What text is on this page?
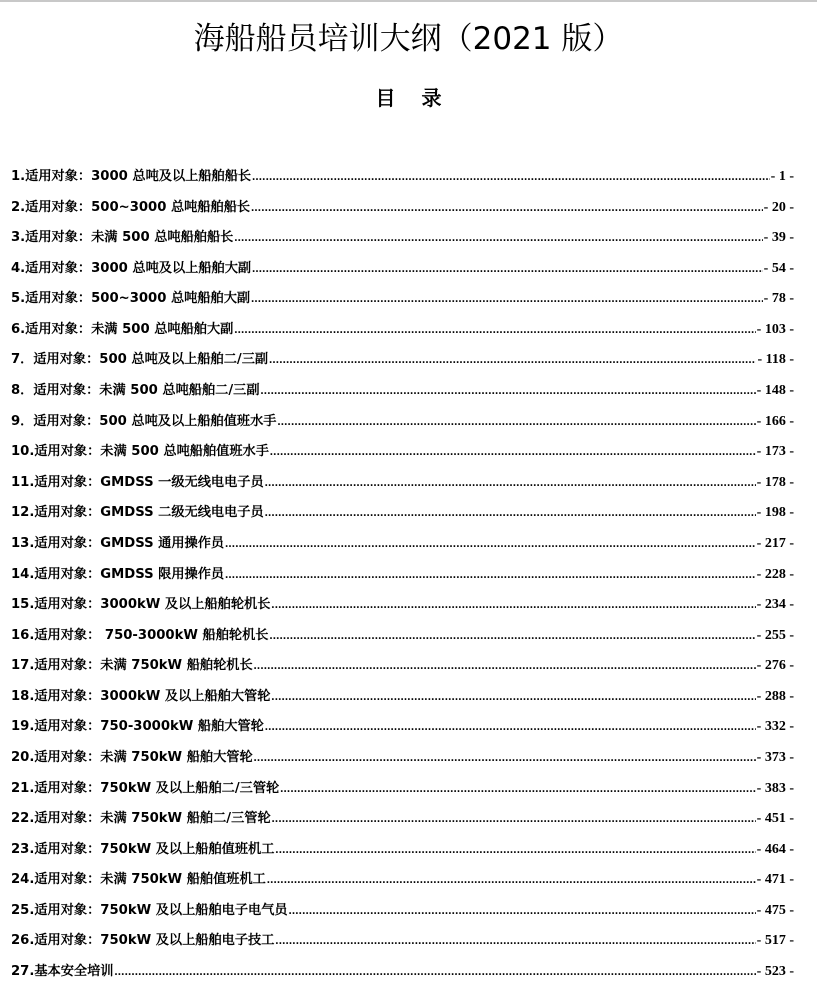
海船船员培训大纲（2021 版）
目 录
1.适用对象：3000 总吨及以上船舶船长 .....	- 1 -
2.适用对象：500~3000 总吨船舶船长 .....	- 20 -
3.适用对象：未满 500 总吨船舶船长 .....	- 39 -
4.适用对象：3000 总吨及以上船舶大副 .....	- 54 -
5.适用对象：500~3000 总吨船舶大副 .....	- 78 -
6.适用对象：未满 500 总吨船舶大副 .....	- 103 -
7．适用对象：500 总吨及以上船舶二/三副 .....	- 118 -
8．适用对象：未满 500 总吨船舶二/三副 .....	- 148 -
9．适用对象：500 总吨及以上船舶值班水手 .....	- 166 -
10.适用对象：未满 500 总吨船舶值班水手 .....	- 173 -
11.适用对象：GMDSS 一级无线电电子员 .....	- 178 -
12.适用对象：GMDSS 二级无线电电子员 .....	- 198 -
13.适用对象：GMDSS 通用操作员 .....	- 217 -
14.适用对象：GMDSS 限用操作员 .....	- 228 -
15.适用对象：3000kW 及以上船舶轮机长 .....	- 234 -
16.适用对象： 750-3000kW 船舶轮机长 .....	- 255 -
17.适用对象：未满 750kW 船舶轮机长 .....	- 276 -
18.适用对象：3000kW 及以上船舶大管轮 .....	- 288 -
19.适用对象：750-3000kW 船舶大管轮 .....	- 332 -
20.适用对象：未满 750kW 船舶大管轮 .....	- 373 -
21.适用对象：750kW 及以上船舶二/三管轮 .....	- 383 -
22.适用对象：未满 750kW 船舶二/三管轮 .....	- 451 -
23.适用对象：750kW 及以上船舶值班机工 .....	- 464 -
24.适用对象：未满 750kW 船舶值班机工 .....	- 471 -
25.适用对象：750kW 及以上船舶电子电气员 .....	- 475 -
26.适用对象：750kW 及以上船舶电子技工 .....	- 517 -
27.基本安全培训 .....	- 523 -
